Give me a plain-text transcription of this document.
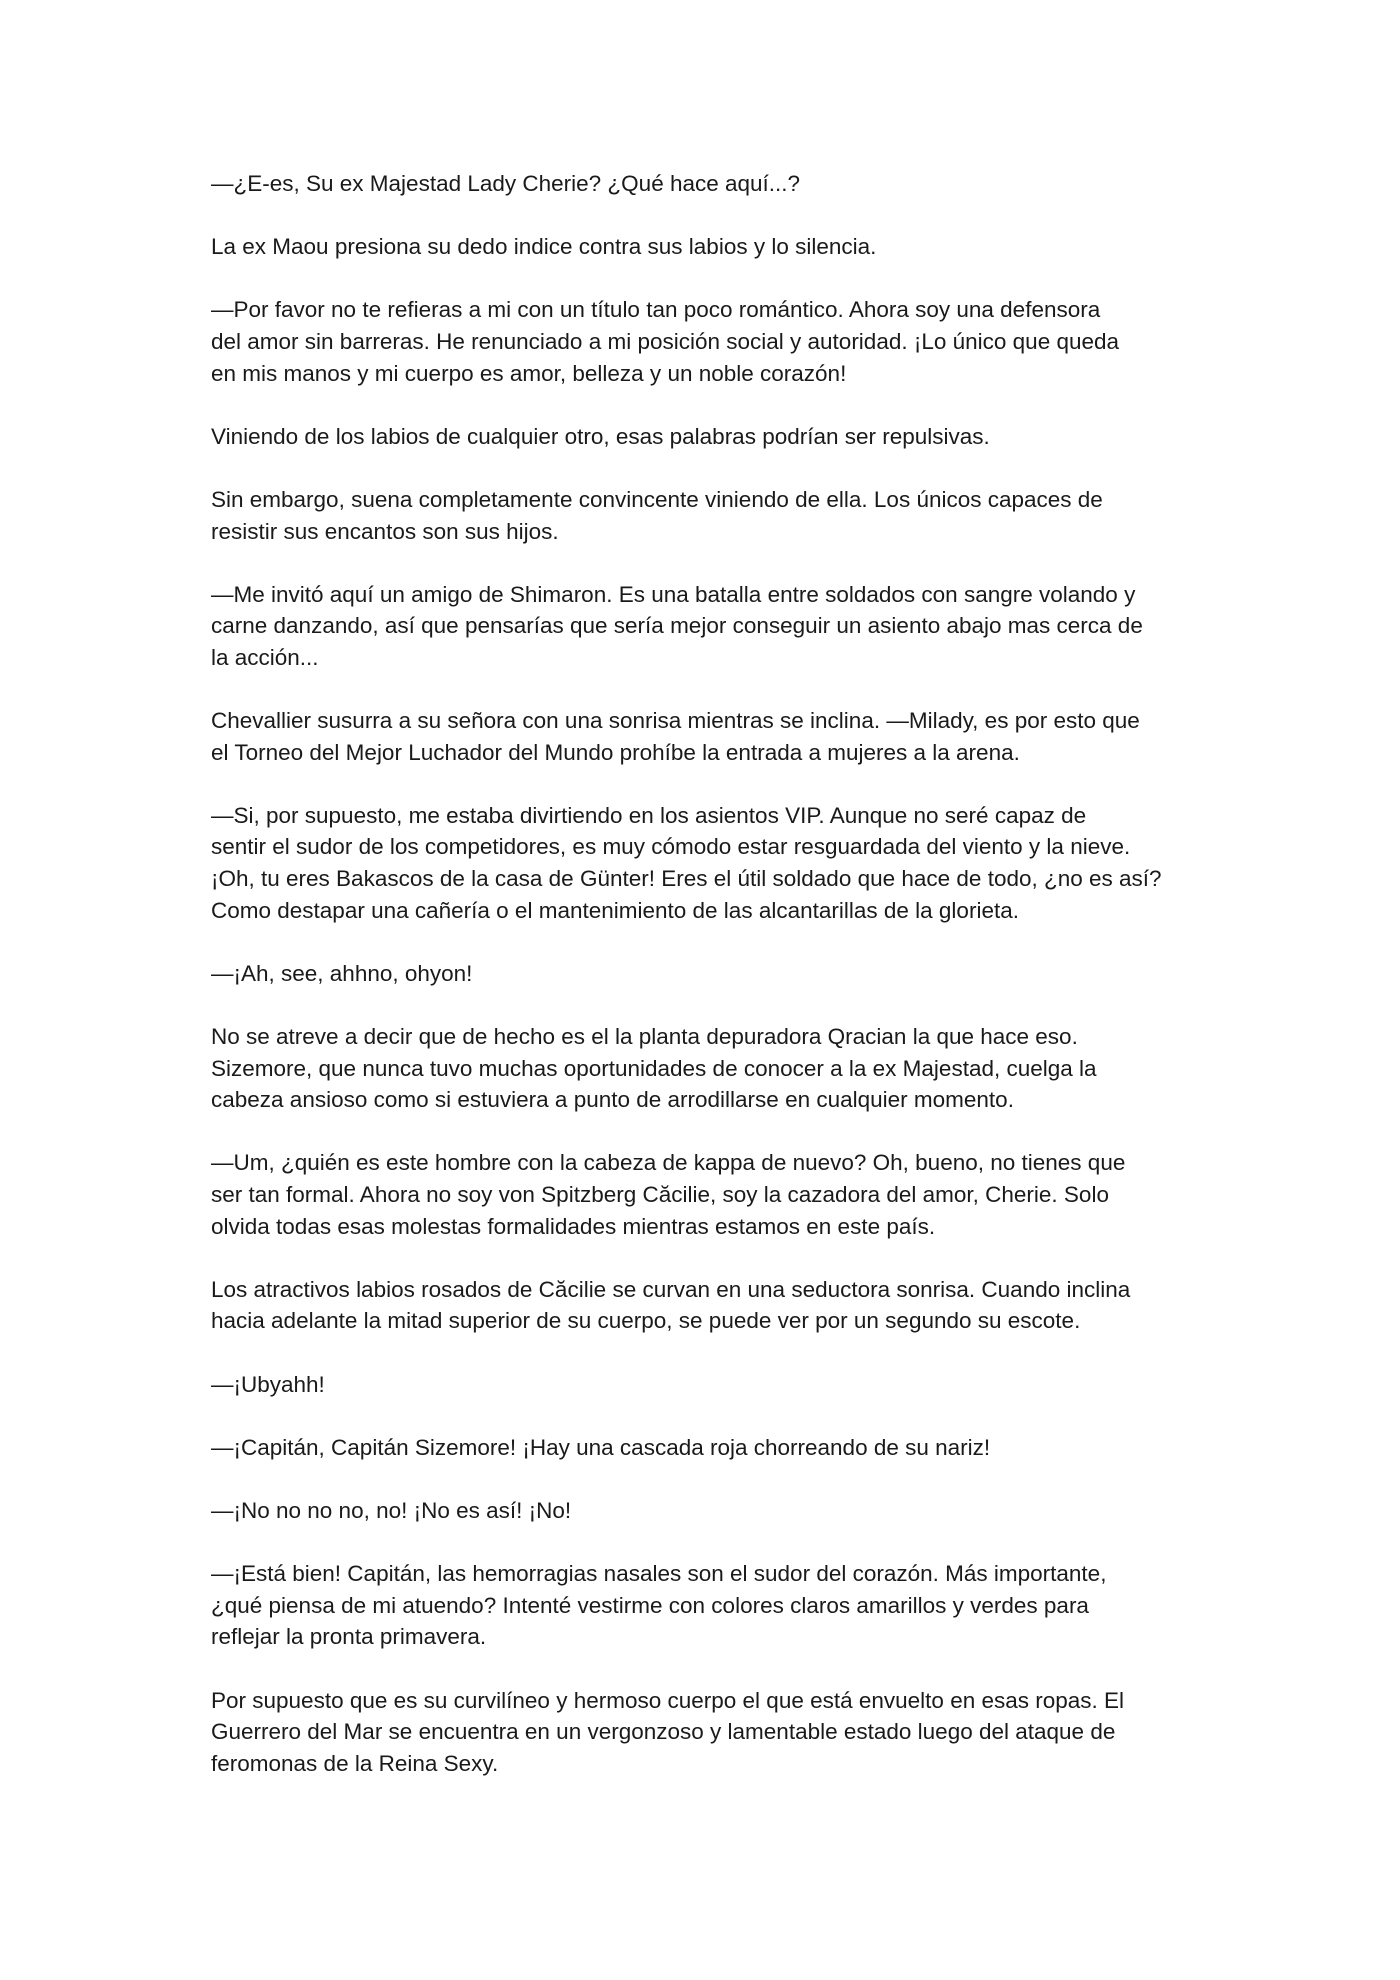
—¿E-es, Su ex Majestad Lady Cherie? ¿Qué hace aquí...?

La ex Maou presiona su dedo indice contra sus labios y lo silencia.

—Por favor no te refieras a mi con un título tan poco romántico. Ahora soy una defensora
del amor sin barreras. He renunciado a mi posición social y autoridad. ¡Lo único que queda
en mis manos y mi cuerpo es amor, belleza y un noble corazón!

Viniendo de los labios de cualquier otro, esas palabras podrían ser repulsivas.

Sin embargo, suena completamente convincente viniendo de ella. Los únicos capaces de
resistir sus encantos son sus hijos.

—Me invitó aquí un amigo de Shimaron. Es una batalla entre soldados con sangre volando y
carne danzando, así que pensarías que sería mejor conseguir un asiento abajo mas cerca de
la acción...

Chevallier susurra a su señora con una sonrisa mientras se inclina. —Milady, es por esto que
el Torneo del Mejor Luchador del Mundo prohíbe la entrada a mujeres a la arena.

—Si, por supuesto, me estaba divirtiendo en los asientos VIP. Aunque no seré capaz de
sentir el sudor de los competidores, es muy cómodo estar resguardada del viento y la nieve.
¡Oh, tu eres Bakascos de la casa de Günter! Eres el útil soldado que hace de todo, ¿no es así?
Como destapar una cañería o el mantenimiento de las alcantarillas de la glorieta.

—¡Ah, see, ahhno, ohyon!

No se atreve a decir que de hecho es el la planta depuradora Qracian la que hace eso.
Sizemore, que nunca tuvo muchas oportunidades de conocer a la ex Majestad, cuelga la
cabeza ansioso como si estuviera a punto de arrodillarse en cualquier momento.

—Um, ¿quién es este hombre con la cabeza de kappa de nuevo? Oh, bueno, no tienes que
ser tan formal. Ahora no soy von Spitzberg Căcilie, soy la cazadora del amor, Cherie. Solo
olvida todas esas molestas formalidades mientras estamos en este país.

Los atractivos labios rosados de Căcilie se curvan en una seductora sonrisa. Cuando inclina
hacia adelante la mitad superior de su cuerpo, se puede ver por un segundo su escote.

—¡Ubyahh!

—¡Capitán, Capitán Sizemore! ¡Hay una cascada roja chorreando de su nariz!

—¡No no no no, no! ¡No es así! ¡No!

—¡Está bien! Capitán, las hemorragias nasales son el sudor del corazón. Más importante,
¿qué piensa de mi atuendo? Intenté vestirme con colores claros amarillos y verdes para
reflejar la pronta primavera.

Por supuesto que es su curvilíneo y hermoso cuerpo el que está envuelto en esas ropas. El
Guerrero del Mar se encuentra en un vergonzoso y lamentable estado luego del ataque de
feromonas de la Reina Sexy.
